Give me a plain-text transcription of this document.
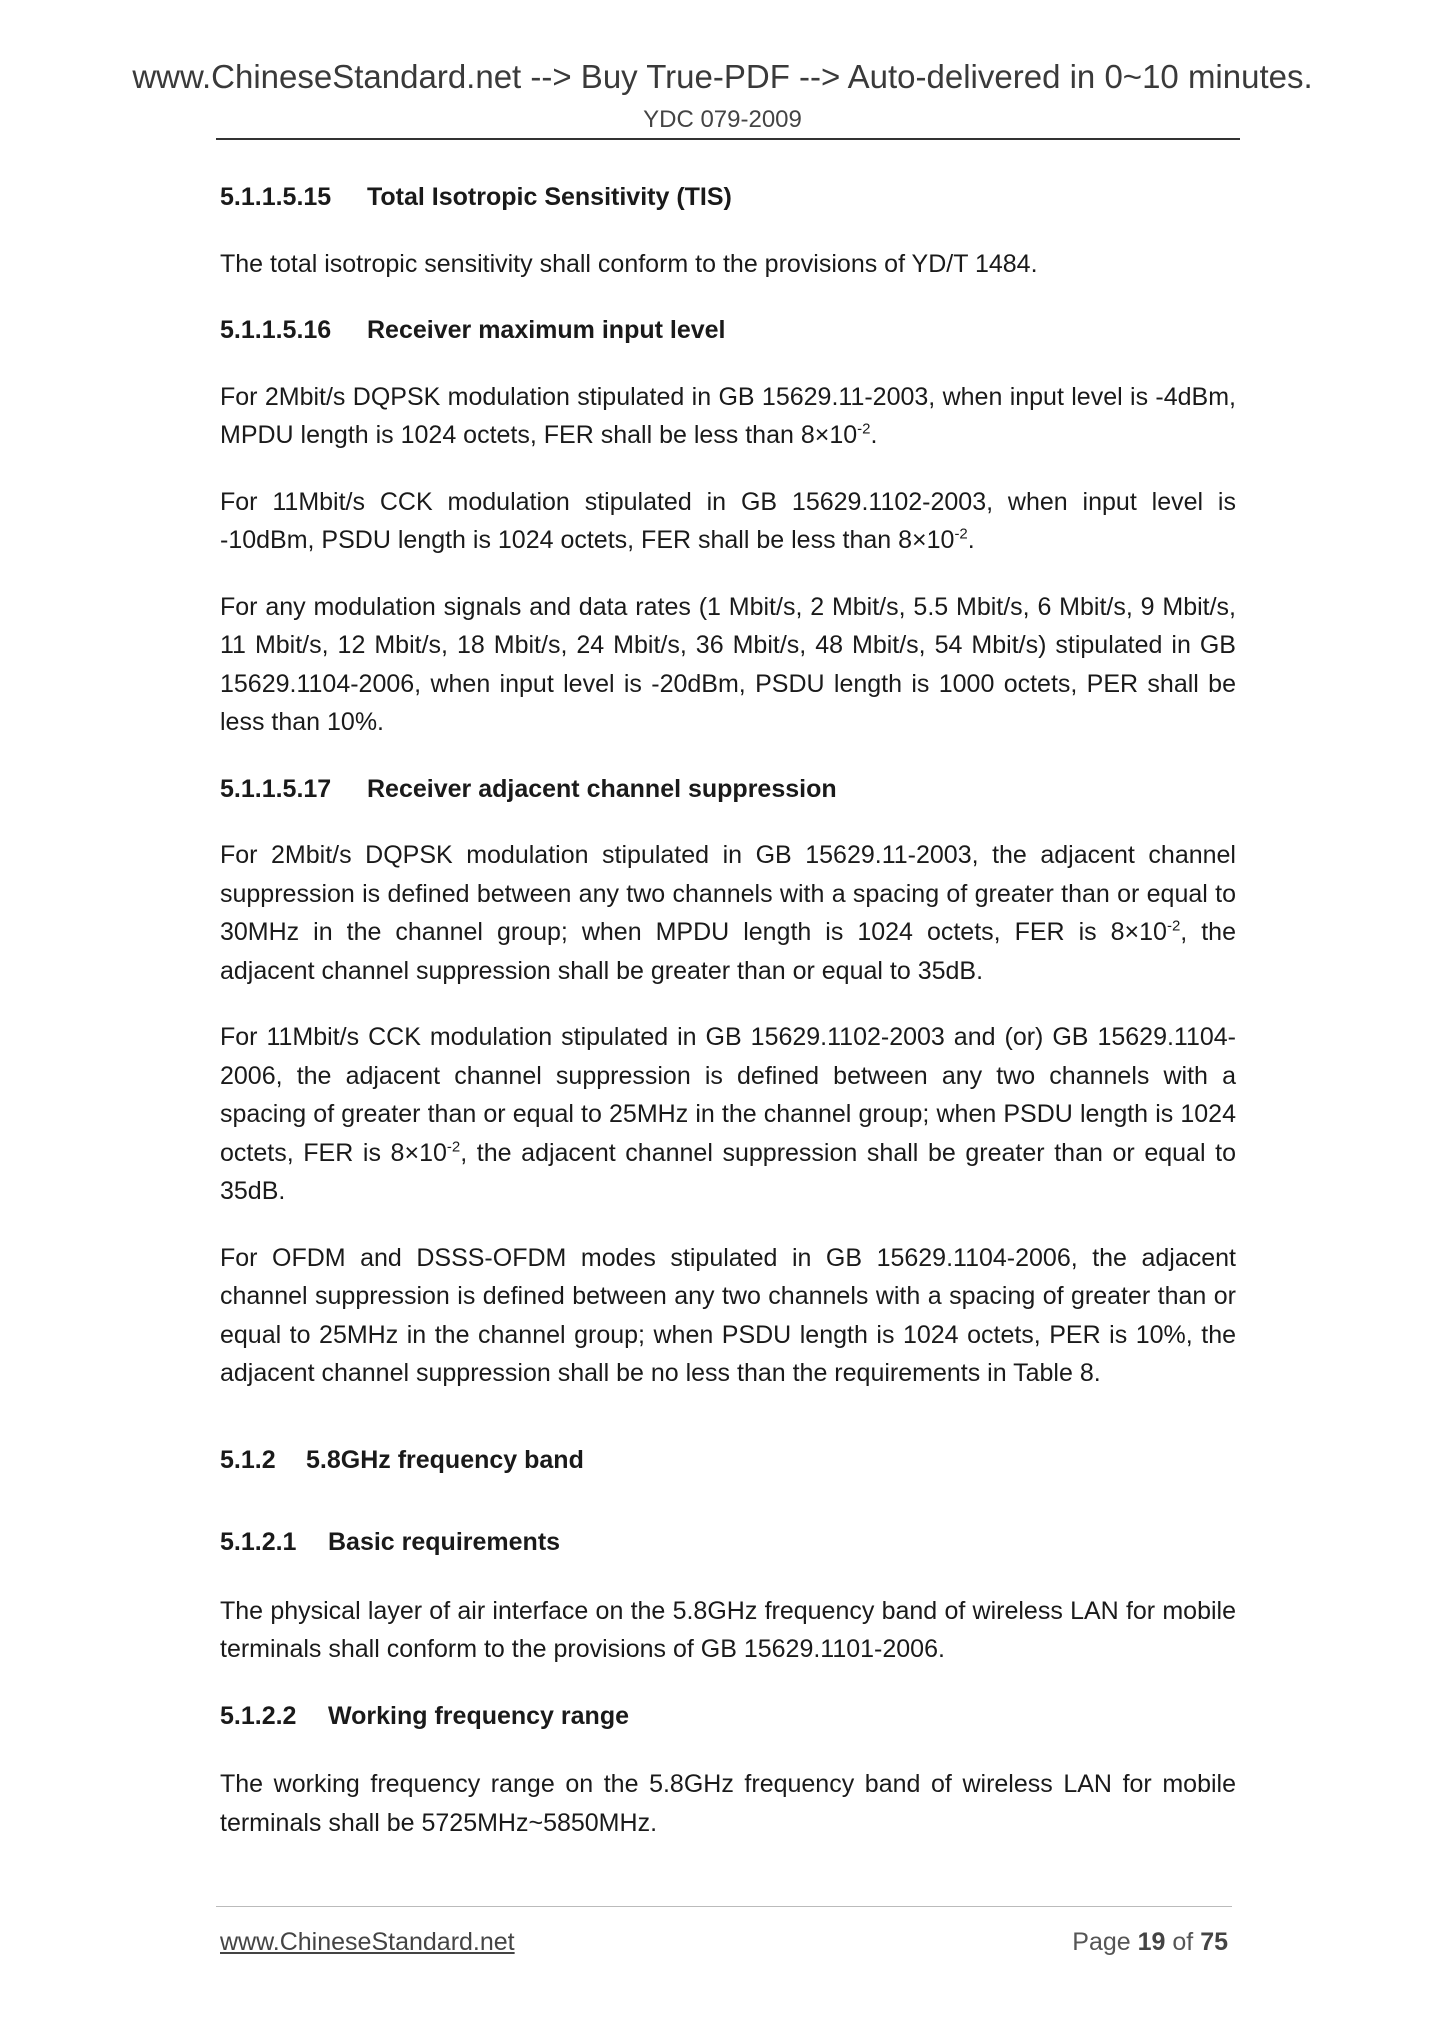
www.ChineseStandard.net --> Buy True-PDF --> Auto-delivered in 0~10 minutes.
YDC 079-2009
5.1.1.5.15 Total Isotropic Sensitivity (TIS)
The total isotropic sensitivity shall conform to the provisions of YD/T 1484.
5.1.1.5.16 Receiver maximum input level
For 2Mbit/s DQPSK modulation stipulated in GB 15629.11-2003, when input level is -4dBm, MPDU length is 1024 octets, FER shall be less than $8\times 10^{-2}$.
For 11Mbit/s CCK modulation stipulated in GB 15629.1102-2003, when input level is -10dBm, PSDU length is 1024 octets, FER shall be less than $8\times 10^{-2}$.
For any modulation signals and data rates (1 Mbit/s, 2 Mbit/s, 5.5 Mbit/s, 6 Mbit/s, 9 Mbit/s, 11 Mbit/s, 12 Mbit/s, 18 Mbit/s, 24 Mbit/s, 36 Mbit/s, 48 Mbit/s, 54 Mbit/s) stipulated in GB 15629.1104-2006, when input level is -20dBm, PSDU length is 1000 octets, PER shall be less than 10%.
5.1.1.5.17 Receiver adjacent channel suppression
For 2Mbit/s DQPSK modulation stipulated in GB 15629.11-2003, the adjacent channel suppression is defined between any two channels with a spacing of greater than or equal to 30MHz in the channel group; when MPDU length is 1024 octets, FER is $8\times 10^{-2}$, the adjacent channel suppression shall be greater than or equal to 35dB.
For 11Mbit/s CCK modulation stipulated in GB 15629.1102-2003 and (or) GB 15629.1104-2006, the adjacent channel suppression is defined between any two channels with a spacing of greater than or equal to 25MHz in the channel group; when PSDU length is 1024 octets, FER is $8\times 10^{-2}$, the adjacent channel suppression shall be greater than or equal to 35dB.
For OFDM and DSSS-OFDM modes stipulated in GB 15629.1104-2006, the adjacent channel suppression is defined between any two channels with a spacing of greater than or equal to 25MHz in the channel group; when PSDU length is 1024 octets, PER is 10%, the adjacent channel suppression shall be no less than the requirements in Table 8.
5.1.2 5.8GHz frequency band
5.1.2.1 Basic requirements
The physical layer of air interface on the 5.8GHz frequency band of wireless LAN for mobile terminals shall conform to the provisions of GB 15629.1101-2006.
5.1.2.2 Working frequency range
The working frequency range on the 5.8GHz frequency band of wireless LAN for mobile terminals shall be 5725MHz~5850MHz.
www.ChineseStandard.net	Page 19 of 75
